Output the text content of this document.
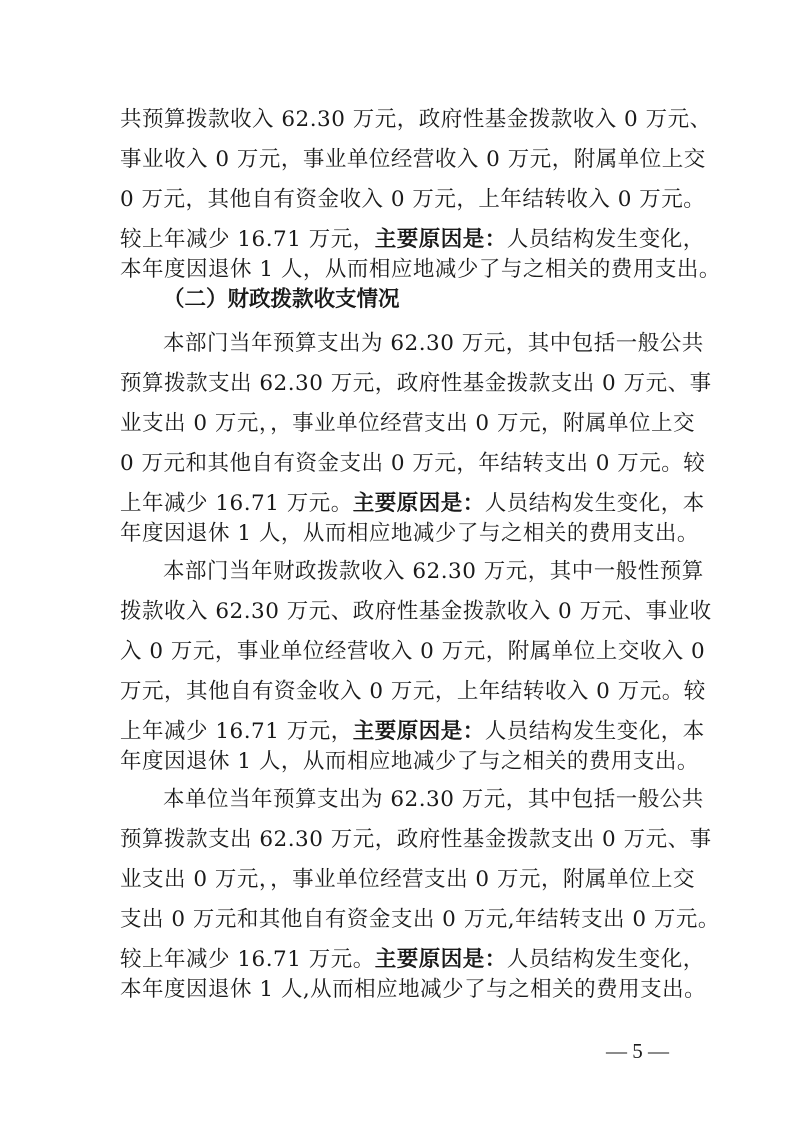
共预算拨款收入 62.30 万元，政府性基金拨款收入 0 万元、
事业收入 0 万元，事业单位经营收入 0 万元，附属单位上交
0 万元，其他自有资金收入 0 万元，上年结转收入 0 万元。
较上年减少 16.71 万元，主要原因是：人员结构发生变化，
本年度因退休 1 人，从而相应地减少了与之相关的费用支出。
（二）财政拨款收支情况
本部门当年预算支出为 62.30 万元，其中包括一般公共
预算拨款支出 62.30 万元，政府性基金拨款支出 0 万元、事
业支出 0 万元，，事业单位经营支出 0 万元，附属单位上交
0 万元和其他自有资金支出 0 万元，年结转支出 0 万元。较
上年减少 16.71 万元。主要原因是：人员结构发生变化，本
年度因退休 1 人，从而相应地减少了与之相关的费用支出。
本部门当年财政拨款收入 62.30 万元，其中一般性预算
拨款收入 62.30 万元、政府性基金拨款收入 0 万元、事业收
入 0 万元，事业单位经营收入 0 万元，附属单位上交收入 0
万元，其他自有资金收入 0 万元，上年结转收入 0 万元。较
上年减少 16.71 万元，主要原因是：人员结构发生变化，本
年度因退休 1 人，从而相应地减少了与之相关的费用支出。
本单位当年预算支出为 62.30 万元，其中包括一般公共
预算拨款支出 62.30 万元，政府性基金拨款支出 0 万元、事
业支出 0 万元，，事业单位经营支出 0 万元，附属单位上交
支出 0 万元和其他自有资金支出 0 万元,年结转支出 0 万元。
较上年减少 16.71 万元。主要原因是：人员结构发生变化，
本年度因退休 1 人,从而相应地减少了与之相关的费用支出。
— 5 —
